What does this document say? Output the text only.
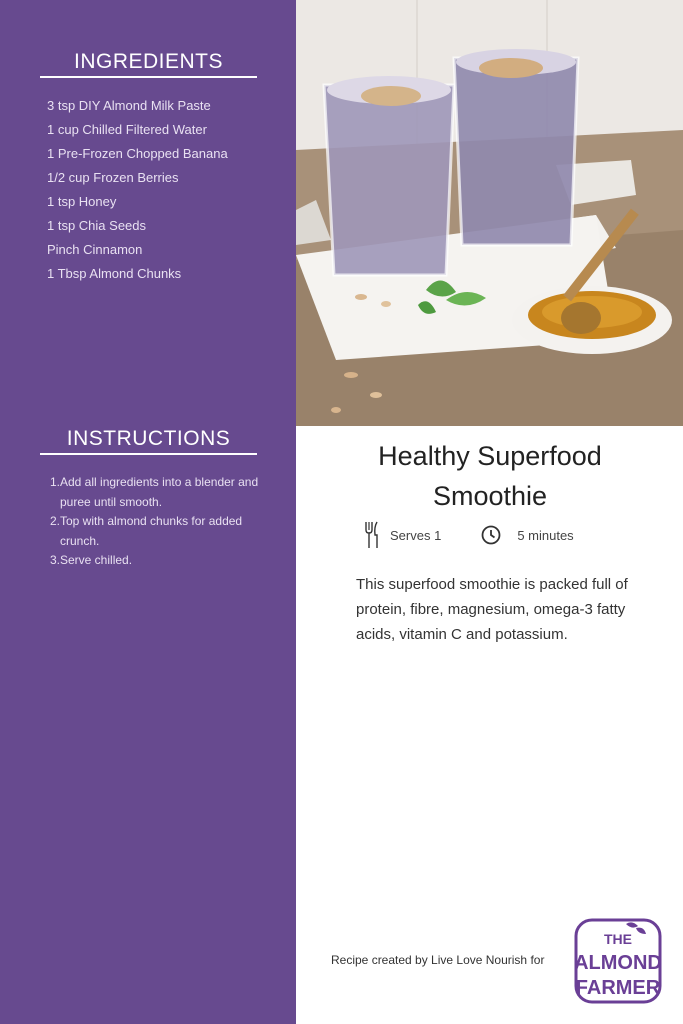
INGREDIENTS
3 tsp DIY Almond Milk Paste
1 cup Chilled Filtered Water
1 Pre-Frozen Chopped Banana
1/2 cup Frozen Berries
1 tsp Honey
1 tsp Chia Seeds
Pinch Cinnamon
1 Tbsp Almond Chunks
INSTRUCTIONS
1. Add all ingredients into a blender and puree until smooth.
2. Top with almond chunks for added crunch.
3. Serve chilled.
Healthy Superfood
Smoothie
Serves 1	5 minutes

This superfood smoothie is packed full of protein, fibre, magnesium, omega-3 fatty acids, vitamin C and potassium.

Recipe created by Live Love Nourish for
THE
ALMOND
FARMER
